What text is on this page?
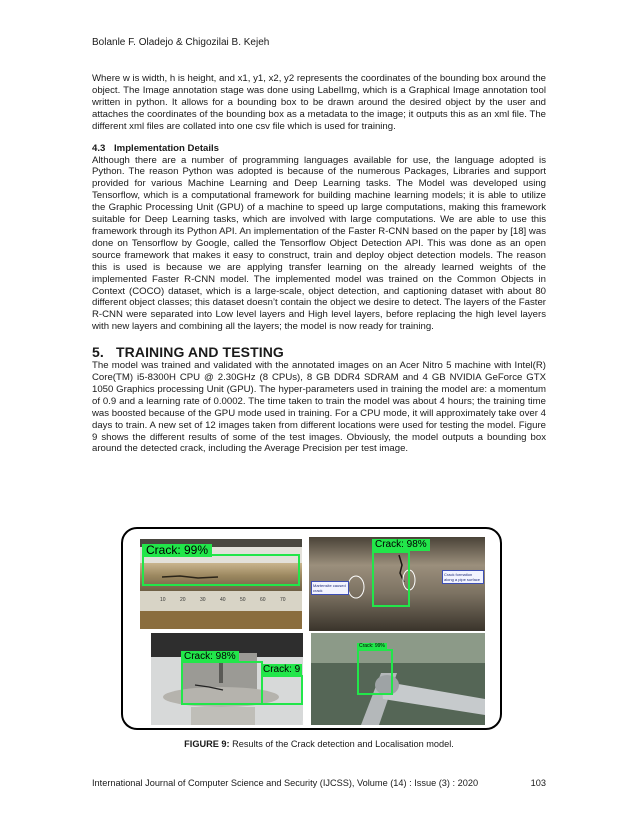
Bolanle F. Oladejo & Chigozilai B. Kejeh

Where w is width, h is height, and x1, y1, x2, y2 represents the coordinates of the bounding box around the object. The Image annotation stage was done using LabelImg, which is a Graphical Image annotation tool written in python. It allows for a bounding box to be drawn around the desired object by the user and attaches the coordinates of the bounding box as a metadata to the image; it outputs this as an xml file. The different xml files are collated into one csv file which is used for training.

4.3 Implementation Details

Although there are a number of programming languages available for use, the language adopted is Python. The reason Python was adopted is because of the numerous Packages, Libraries and support provided for various Machine Learning and Deep Learning tasks. The Model was developed using Tensorflow, which is a computational framework for building machine learning models; it is able to utilize the Graphic Processing Unit (GPU) of a machine to speed up large computations, making this framework suitable for Deep Learning tasks, which are involved with large computations. We are able to use this framework through its Python API. An implementation of the Faster R-CNN based on the paper by [18] was done on Tensorflow by Google, called the Tensorflow Object Detection API. This was done as an open source framework that makes it easy to construct, train and deploy object detection models. The reason this is used is because we are applying transfer learning on the already learned weights of the implemented Faster R-CNN model. The implemented model was trained on the Common Objects in Context (COCO) dataset, which is a large-scale, object detection, and captioning dataset with about 80 different object classes; this dataset doesn’t contain the object we desire to detect. The layers of the Faster R-CNN were separated into Low level layers and High level layers, before replacing the high level layers with new layers and combining all the layers; the model is now ready for training.

5. TRAINING AND TESTING

The model was trained and validated with the annotated images on an Acer Nitro 5 machine with Intel(R) Core(TM) i5-8300H CPU @ 2.30GHz (8 CPUs), 8 GB DDR4 SDRAM and 4 GB NVIDIA GeForce GTX 1050 Graphics processing Unit (GPU). The hyper-parameters used in training the model are: a momentum of 0.9 and a learning rate of 0.0002. The time taken to train the model was about 4 hours; the training time was boosted because of the GPU mode used in training. For a CPU mode, it will approximately take over 4 days to train. A new set of 12 images taken from different locations were used for testing the model. Figure 9 shows the different results of some of the test images. Obviously, the model outputs a bounding box around the detected crack, including the Average Precision per test image.

10	20	30	40	50	60	70
Crack: 99%	Crack: 98%
Martensite caused crack
Crack formation along a pipe surface
Crack: 98%
Crack: 9
Crack: 99%
FIGURE 9: Results of the Crack detection and Localisation model.
International Journal of Computer Science and Security (IJCSS), Volume (14) : Issue (3) : 2020	103
